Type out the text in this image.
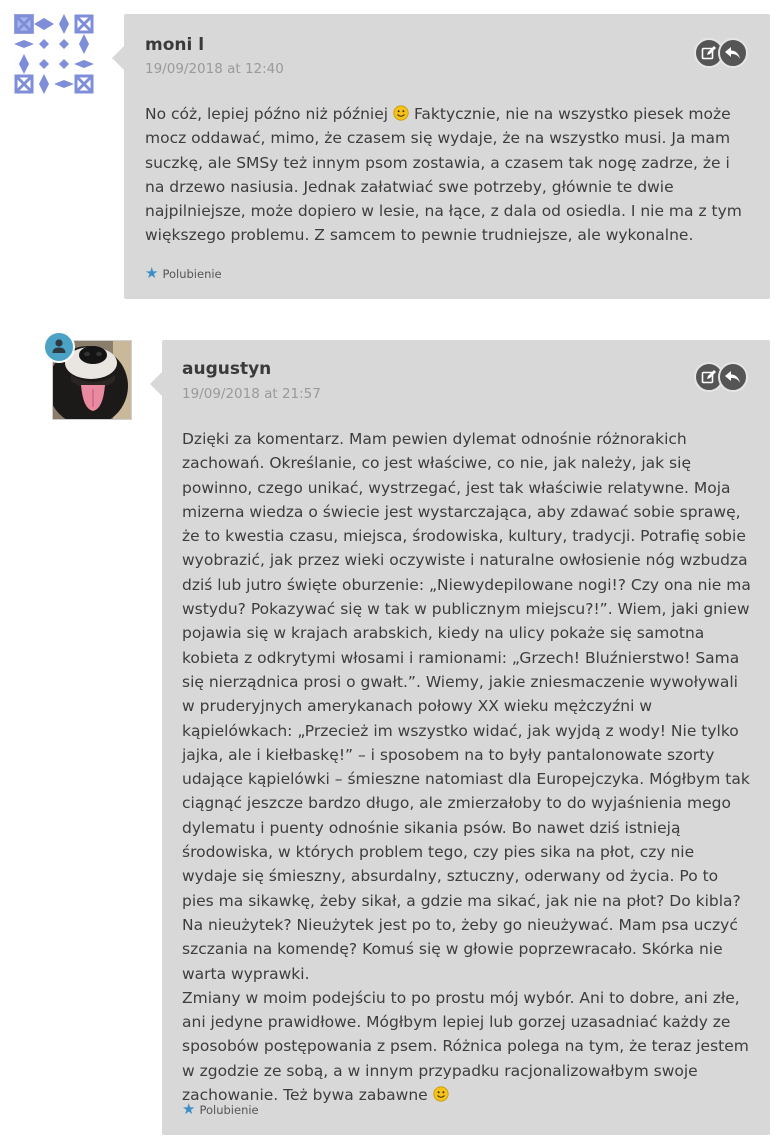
moni l
19/09/2018 at 12:40

No cóż, lepiej późno niż później  Faktycznie, nie na wszystko piesek może mocz oddawać, mimo, że czasem się wydaje, że na wszystko musi. Ja mam suczkę, ale SMSy też innym psom zostawia, a czasem tak nogę zadrze, że i na drzewo nasiusia. Jednak załatwiać swe potrzeby, głównie te dwie najpilniejsze, może dopiero w lesie, na łące, z dala od osiedla. I nie ma z tym większego problemu. Z samcem to pewnie trudniejsze, ale wykonalne.

★ Polubienie
augustyn
19/09/2018 at 21:57

Dzięki za komentarz. Mam pewien dylemat odnośnie różnorakich zachowań. Określanie, co jest właściwe, co nie, jak należy, jak się powinno, czego unikać, wystrzegać, jest tak właściwie relatywne. Moja mizerna wiedza o świecie jest wystarczająca, aby zdawać sobie sprawę, że to kwestia czasu, miejsca, środowiska, kultury, tradycji. Potrafię sobie wyobrazić, jak przez wieki oczywiste i naturalne owłosienie nóg wzbudza dziś lub jutro święte oburzenie: „Niewydepilowane nogi!? Czy ona nie ma wstydu? Pokazywać się w tak w publicznym miejscu?!”. Wiem, jaki gniew pojawia się w krajach arabskich, kiedy na ulicy pokaże się samotna kobieta z odkrytymi włosami i ramionami: „Grzech! Bluźnierstwo! Sama się nierządnica prosi o gwałt.”. Wiemy, jakie zniesmaczenie wywoływali w pruderyjnych amerykanach połowy XX wieku mężczyźni w kąpielówkach: „Przecież im wszystko widać, jak wyjdą z wody! Nie tylko jajka, ale i kiełbaskę!” – i sposobem na to były pantalonowate szorty udające kąpielówki – śmieszne natomiast dla Europejczyka. Mógłbym tak ciągnąć jeszcze bardzo długo, ale zmierzałoby to do wyjaśnienia mego dylematu i puenty odnośnie sikania psów. Bo nawet dziś istnieją środowiska, w których problem tego, czy pies sika na płot, czy nie wydaje się śmieszny, absurdalny, sztuczny, oderwany od życia. Po to pies ma sikawkę, żeby sikał, a gdzie ma sikać, jak nie na płot? Do kibla? Na nieużytek? Nieużytek jest po to, żeby go nieużywać. Mam psa uczyć szczania na komendę? Komuś się w głowie poprzewracało. Skórka nie warta wyprawki.

Zmiany w moim podejściu to po prostu mój wybór. Ani to dobre, ani złe, ani jedyne prawidłowe. Mógłbym lepiej lub gorzej uzasadniać każdy ze sposobów postępowania z psem. Różnica polega na tym, że teraz jestem w zgodzie ze sobą, a w innym przypadku racjonalizowałbym swoje zachowanie. Też bywa zabawne

★ Polubienie
